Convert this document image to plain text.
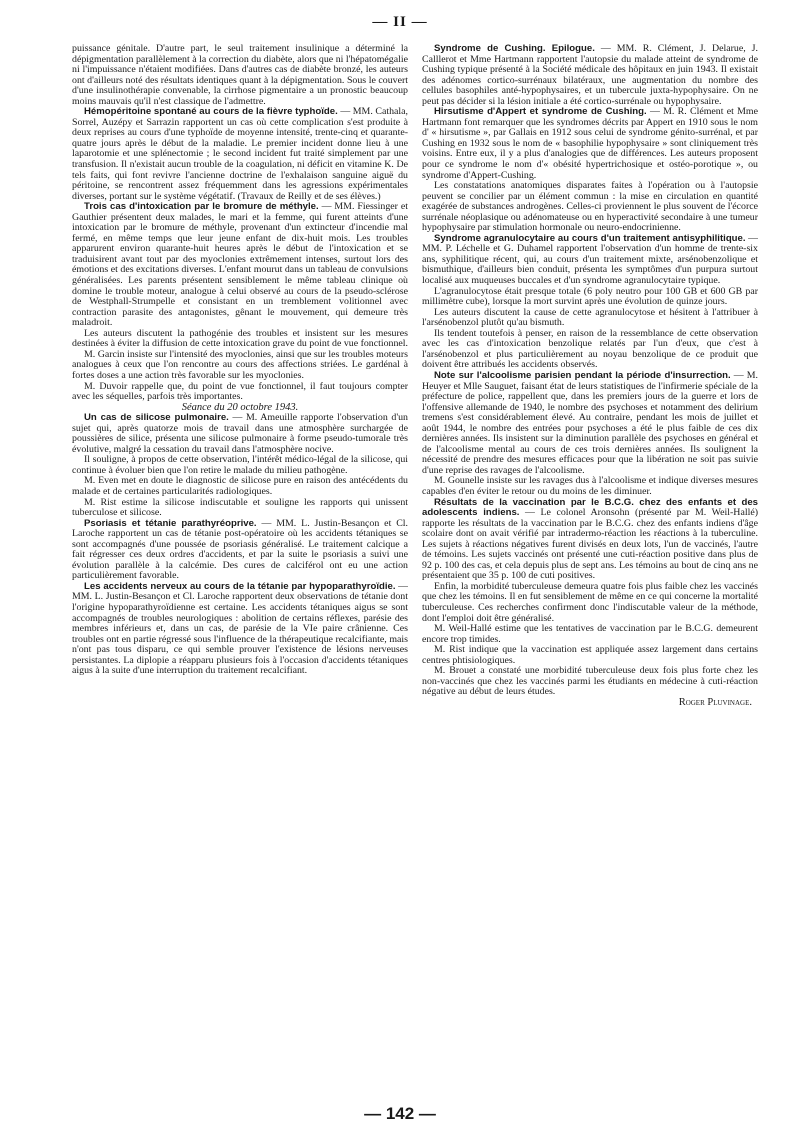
— II —

puissance génitale. D'autre part, le seul traitement insulinique a déterminé la dépigmentation parallèlement à la correction du diabète, alors que ni l'hépatomégalie ni l'impuissance n'étaient modifiées. Dans d'autres cas de diabète bronzé, les auteurs ont d'ailleurs noté des résultats identiques quant à la dépigmentation. Sous le couvert d'une insulinothérapie convenable, la cirrhose pigmentaire a un pronostic beaucoup moins mauvais qu'il n'est classique de l'admettre.

Hémopéritoine spontané au cours de la fièvre typhoïde. — MM. Cathala, Sorrel, Auzépy et Sarrazin rapportent un cas où cette complication s'est produite à deux reprises au cours d'une typhoïde de moyenne intensité, trente-cinq et quarante-quatre jours après le début de la maladie. Le premier incident donne lieu à une laparotomie et une splénectomie ; le second incident fut traité simplement par une transfusion. Il n'existait aucun trouble de la coagulation, ni déficit en vitamine K. De tels faits, qui font revivre l'ancienne doctrine de l'exhalaison sanguine aiguë du péritoine, se rencontrent assez fréquemment dans les agressions expérimentales diverses, portant sur le système végétatif. (Travaux de Reilly et de ses élèves.)

Trois cas d'intoxication par le bromure de méthyle. — MM. Fiessinger et Gauthier présentent deux malades, le mari et la femme, qui furent atteints d'une intoxication par le bromure de méthyle, provenant d'un extincteur d'incendie mal fermé, en même temps que leur jeune enfant de dix-huit mois. Les troubles apparurent environ quarante-huit heures après le début de l'intoxication et se traduisirent avant tout par des myoclonies extrêmement intenses, surtout lors des émotions et des excitations diverses. L'enfant mourut dans un tableau de convulsions généralisées. Les parents présentent sensiblement le même tableau clinique où domine le trouble moteur, analogue à celui observé au cours de la pseudo-sclérose de Westphall-Strumpelle et consistant en un tremblement volitionnel avec contraction parasite des antagonistes, gênant le mouvement, qui demeure très maladroit.

Les auteurs discutent la pathogénie des troubles et insistent sur les mesures destinées à éviter la diffusion de cette intoxication grave du point de vue fonctionnel.

M. Garcin insiste sur l'intensité des myoclonies, ainsi que sur les troubles moteurs analogues à ceux que l'on rencontre au cours des affections striées. Le gardénal à fortes doses a une action très favorable sur les myoclonies.

M. Duvoir rappelle que, du point de vue fonctionnel, il faut toujours compter avec les séquelles, parfois très importantes.

Séance du 20 octobre 1943.

Un cas de silicose pulmonaire. — M. Ameuille rapporte l'observation d'un sujet qui, après quatorze mois de travail dans une atmosphère surchargée de poussières de silice, présenta une silicose pulmonaire à forme pseudo-tumorale très évolutive, malgré la cessation du travail dans l'atmosphère nocive.

Il souligne, à propos de cette observation, l'intérêt médico-légal de la silicose, qui continue à évoluer bien que l'on retire le malade du milieu pathogène.

M. Even met en doute le diagnostic de silicose pure en raison des antécédents du malade et de certaines particularités radiologiques.

M. Rist estime la silicose indiscutable et souligne les rapports qui unissent tuberculose et silicose.

Psoriasis et tétanie parathyréoprive. — MM. L. Justin-Besançon et Cl. Laroche rapportent un cas de tétanie post-opératoire où les accidents tétaniques se sont accompagnés d'une poussée de psoriasis généralisé. Le traitement calcique a fait régresser ces deux ordres d'accidents, et par la suite le psoriasis a suivi une évolution parallèle à la calcémie. Des cures de calciférol ont eu une action particulièrement favorable.

Les accidents nerveux au cours de la tétanie par hypoparathyroïdie. — MM. L. Justin-Besançon et Cl. Laroche rapportent deux observations de tétanie dont l'origine hypoparathyroïdienne est certaine. Les accidents tétaniques aigus se sont accompagnés de troubles neurologiques : abolition de certains réflexes, parésie des membres inférieurs et, dans un cas, de parésie de la VIe paire crânienne. Ces troubles ont en partie régressé sous l'influence de la thérapeutique recalcifiante, mais n'ont pas tous disparu, ce qui semble prouver l'existence de lésions nerveuses persistantes. La diplopie a réapparu plusieurs fois à l'occasion d'accidents tétaniques aigus à la suite d'une interruption du traitement recalcifiant.

Syndrome de Cushing. Épilogue. — MM. R. Clément, J. Delarue, J. Calllerot et Mme Hartmann rapportent l'autopsie du malade atteint de syndrome de Cushing typique présenté à la Société médicale des hôpitaux en juin 1943. Il existait des adénomes cortico-surrénaux bilatéraux, une augmentation du nombre des cellules basophiles anté-hypophysaires, et un tubercule juxta-hypophysaire. On ne peut pas décider si la lésion initiale a été cortico-surrénale ou hypophysaire.

Hirsutisme d'Appert et syndrome de Cushing. — M. R. Clément et Mme Hartmann font remarquer que les syndromes décrits par Appert en 1910 sous le nom d' « hirsutisme », par Gallais en 1912 sous celui de syndrome génito-surrénal, et par Cushing en 1932 sous le nom de « basophilie hypophysaire » sont cliniquement très voisins. Entre eux, il y a plus d'analogies que de différences. Les auteurs proposent pour ce syndrome le nom d'« obésité hypertrichosique et ostéo-porotique », ou syndrome d'Appert-Cushing.

Les constatations anatomiques disparates faites à l'opération ou à l'autopsie peuvent se concilier par un élément commun : la mise en circulation en quantité exagérée de substances androgènes. Celles-ci proviennent le plus souvent de l'écorce surrénale néoplasique ou adénomateuse ou en hyperactivité secondaire à une tumeur hypophysaire par stimulation hormonale ou neuro-endocrinienne.

Syndrome agranulocytaire au cours d'un traitement antisyphilitique. — MM. P. Léchelle et G. Duhamel rapportent l'observation d'un homme de trente-six ans, syphilitique récent, qui, au cours d'un traitement mixte, arsénobenzolique et bismuthique, d'ailleurs bien conduit, présenta les symptômes d'un purpura surtout localisé aux muqueuses buccales et d'un syndrome agranulocytaire typique.

L'agranulocytose était presque totale (6 poly neutro pour 100 GB et 600 GB par millimètre cube), lorsque la mort survint après une évolution de quinze jours.

Les auteurs discutent la cause de cette agranulocytose et hésitent à l'attribuer à l'arsénobenzol plutôt qu'au bismuth.

Ils tendent toutefois à penser, en raison de la ressemblance de cette observation avec les cas d'intoxication benzolique relatés par l'un d'eux, que c'est à l'arsénobenzol et plus particulièrement au noyau benzolique de ce produit que doivent être attribués les accidents observés.

Note sur l'alcoolisme parisien pendant la période d'insurrection. — M. Heuyer et Mlle Sauguet, faisant état de leurs statistiques de l'infirmerie spéciale de la préfecture de police, rappellent que, dans les premiers jours de la guerre et lors de l'offensive allemande de 1940, le nombre des psychoses et notamment des delirium tremens s'est considérablement élevé. Au contraire, pendant les mois de juillet et août 1944, le nombre des entrées pour psychoses a été le plus faible de ces dix dernières années. Ils insistent sur la diminution parallèle des psychoses en général et de l'alcoolisme mental au cours de ces trois dernières années. Ils soulignent la nécessité de prendre des mesures efficaces pour que la libération ne soit pas suivie d'une reprise des ravages de l'alcoolisme.

M. Gounelle insiste sur les ravages dus à l'alcoolisme et indique diverses mesures capables d'en éviter le retour ou du moins de les diminuer.

Résultats de la vaccination par le B.C.G. chez des enfants et des adolescents indiens. — Le colonel Aronsohn (présenté par M. Weil-Hallé) rapporte les résultats de la vaccination par le B.C.G. chez des enfants indiens d'âge scolaire dont on avait vérifié par intradermo-réaction les réactions à la tuberculine. Les sujets à réactions négatives furent divisés en deux lots, l'un de vaccinés, l'autre de témoins. Les sujets vaccinés ont présenté une cuti-réaction positive dans plus de 92 p. 100 des cas, et cela depuis plus de sept ans. Les témoins au bout de cinq ans ne présentaient que 35 p. 100 de cuti positives.

Enfin, la morbidité tuberculeuse demeura quatre fois plus faible chez les vaccinés que chez les témoins. Il en fut sensiblement de même en ce qui concerne la mortalité tuberculeuse. Ces recherches confirment donc l'indiscutable valeur de la méthode, dont l'emploi doit être généralisé.

M. Weil-Hallé estime que les tentatives de vaccination par le B.C.G. demeurent encore trop timides.

M. Rist indique que la vaccination est appliquée assez largement dans certains centres phtisiologiques.

M. Brouet a constaté une morbidité tuberculeuse deux fois plus forte chez les non-vaccinés que chez les vaccinés parmi les étudiants en médecine à cuti-réaction négative au début de leurs études.

Roger Pluvinage.

— 142 —
